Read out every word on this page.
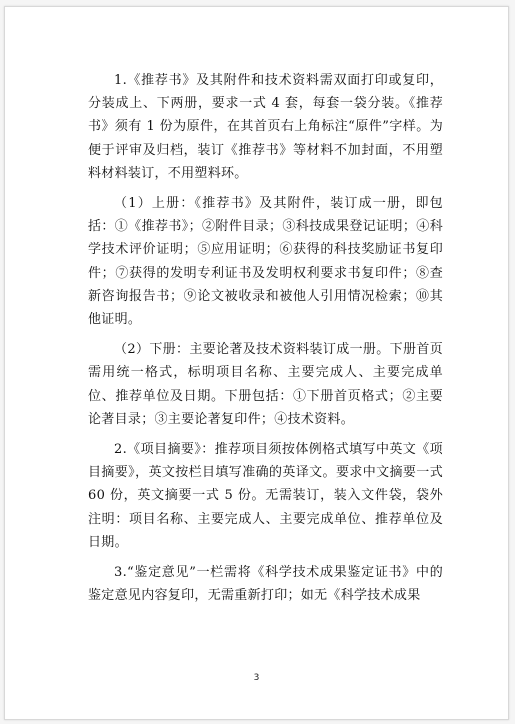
1.《推荐书》及其附件和技术资料需双面打印或复印，分装成上、下两册，要求一式 4 套，每套一袋分装。《推荐书》须有 1 份为原件，在其首页右上角标注“原件”字样。为便于评审及归档，装订《推荐书》等材料不加封面，不用塑料材料装订，不用塑料环。

（1）上册：《推荐书》及其附件，装订成一册，即包括：①《推荐书》；②附件目录；③科技成果登记证明；④科学技术评价证明；⑤应用证明；⑥获得的科技奖励证书复印件；⑦获得的发明专利证书及发明权利要求书复印件；⑧查新咨询报告书；⑨论文被收录和被他人引用情况检索；⑩其他证明。

（2）下册：主要论著及技术资料装订成一册。下册首页需用统一格式，标明项目名称、主要完成人、主要完成单位、推荐单位及日期。下册包括：①下册首页格式；②主要论著目录；③主要论著复印件；④技术资料。

2.《项目摘要》：推荐项目须按体例格式填写中英文《项目摘要》，英文按栏目填写准确的英译文。要求中文摘要一式 60 份，英文摘要一式 5 份。无需装订，装入文件袋，袋外注明：项目名称、主要完成人、主要完成单位、推荐单位及日期。

3.“鉴定意见”一栏需将《科学技术成果鉴定证书》中的鉴定意见内容复印，无需重新打印；如无《科学技术成果

3
